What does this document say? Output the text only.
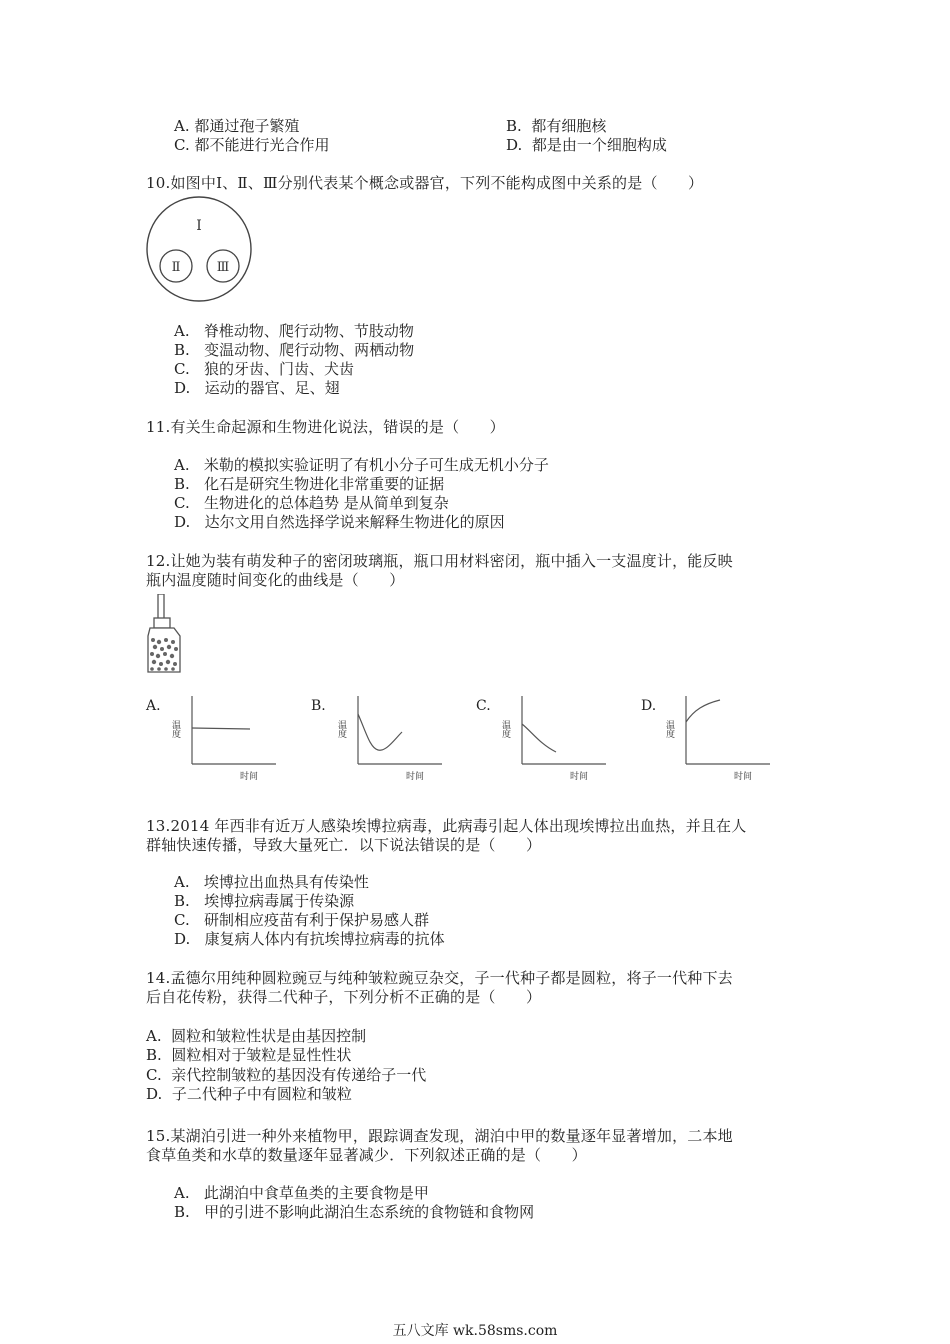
A. 都通过孢子繁殖	B. 都有细胞核
C. 都不能进行光合作用	D. 都是由一个细胞构成
10.如图中Ⅰ、Ⅱ、Ⅲ分别代表某个概念或器官，下列不能构成图中关系的是（　　）
Ⅰ
Ⅱ	Ⅲ
A. 脊椎动物、爬行动物、节肢动物
B. 变温动物、爬行动物、两栖动物
C. 狼的牙齿、门齿、犬齿
D. 运动的器官、足、翅
11.有关生命起源和生物进化说法，错误的是（　　）
A. 米勒的模拟实验证明了有机小分子可生成无机小分子
B. 化石是研究生物进化非常重要的证据
C. 生物进化的总体趋势 是从简单到复杂
D. 达尔文用自然选择学说来解释生物进化的原因
12.让她为装有萌发种子的密闭玻璃瓶，瓶口用材料密闭，瓶中插入一支温度计，能反映
瓶内温度随时间变化的曲线是（　　）
A.
温度
时间
B.
温度
时间
C.
温度
时间
D.
温度
时间
13.2014 年西非有近万人感染埃博拉病毒，此病毒引起人体出现埃博拉出血热，并且在人
群轴快速传播，导致大量死亡．以下说法错误的是（　　）
A. 埃博拉出血热具有传染性
B. 埃博拉病毒属于传染源
C. 研制相应疫苗有利于保护易感人群
D. 康复病人体内有抗埃博拉病毒的抗体
14.孟德尔用纯种圆粒豌豆与纯种皱粒豌豆杂交，子一代种子都是圆粒，将子一代种下去
后自花传粉，获得二代种子，下列分析不正确的是（　　）
A. 圆粒和皱粒性状是由基因控制
B. 圆粒相对于皱粒是显性性状
C. 亲代控制皱粒的基因没有传递给子一代
D. 子二代种子中有圆粒和皱粒
15.某湖泊引进一种外来植物甲，跟踪调查发现，湖泊中甲的数量逐年显著增加，二本地
食草鱼类和水草的数量逐年显著减少．下列叙述正确的是（　　）
A. 此湖泊中食草鱼类的主要食物是甲
B. 甲的引进不影响此湖泊生态系统的食物链和食物网
五八文库 wk.58sms.com
